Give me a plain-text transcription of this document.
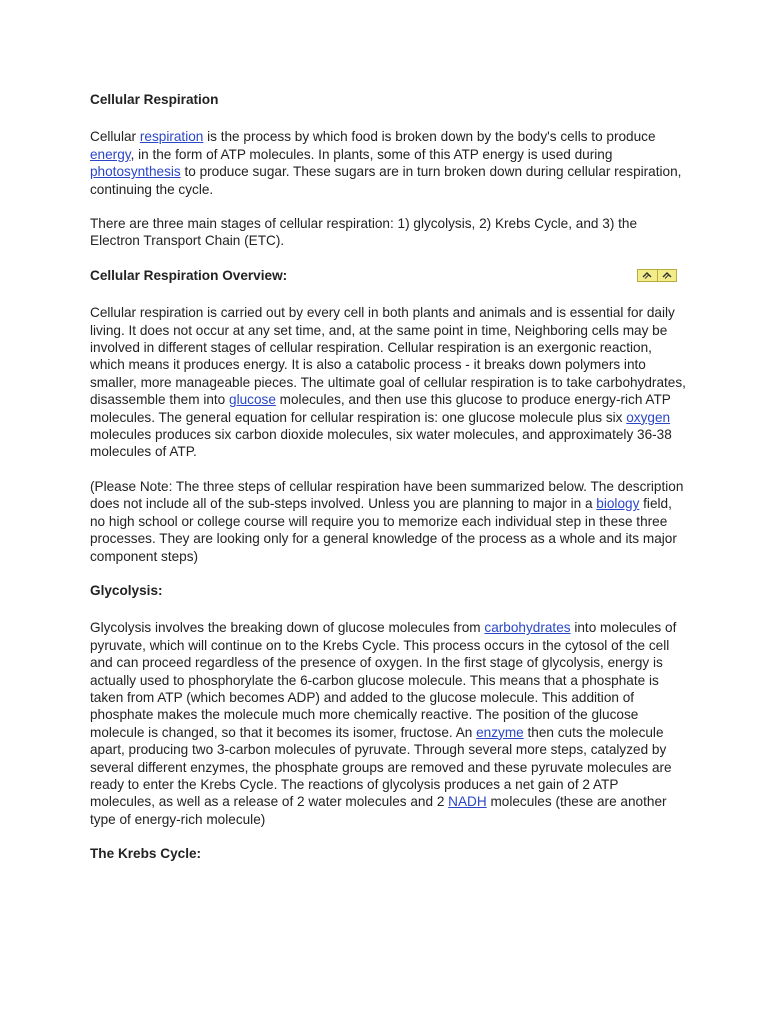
Cellular Respiration

Cellular respiration is the process by which food is broken down by the body's cells to produce energy, in the form of ATP molecules. In plants, some of this ATP energy is used during photosynthesis to produce sugar. These sugars are in turn broken down during cellular respiration, continuing the cycle.

There are three main stages of cellular respiration: 1) glycolysis, 2) Krebs Cycle, and 3) the Electron Transport Chain (ETC).

Cellular Respiration Overview:

Cellular respiration is carried out by every cell in both plants and animals and is essential for daily living. It does not occur at any set time, and, at the same point in time, Neighboring cells may be involved in different stages of cellular respiration. Cellular respiration is an exergonic reaction, which means it produces energy. It is also a catabolic process - it breaks down polymers into smaller, more manageable pieces. The ultimate goal of cellular respiration is to take carbohydrates, disassemble them into glucose molecules, and then use this glucose to produce energy-rich ATP molecules. The general equation for cellular respiration is: one glucose molecule plus six oxygen molecules produces six carbon dioxide molecules, six water molecules, and approximately 36-38 molecules of ATP.

(Please Note: The three steps of cellular respiration have been summarized below. The description does not include all of the sub-steps involved. Unless you are planning to major in a biology field, no high school or college course will require you to memorize each individual step in these three processes. They are looking only for a general knowledge of the process as a whole and its major component steps)

Glycolysis:

Glycolysis involves the breaking down of glucose molecules from carbohydrates into molecules of pyruvate, which will continue on to the Krebs Cycle. This process occurs in the cytosol of the cell and can proceed regardless of the presence of oxygen. In the first stage of glycolysis, energy is actually used to phosphorylate the 6-carbon glucose molecule. This means that a phosphate is taken from ATP (which becomes ADP) and added to the glucose molecule. This addition of phosphate makes the molecule much more chemically reactive. The position of the glucose molecule is changed, so that it becomes its isomer, fructose. An enzyme then cuts the molecule apart, producing two 3-carbon molecules of pyruvate. Through several more steps, catalyzed by several different enzymes, the phosphate groups are removed and these pyruvate molecules are ready to enter the Krebs Cycle. The reactions of glycolysis produces a net gain of 2 ATP molecules, as well as a release of 2 water molecules and 2 NADH molecules (these are another type of energy-rich molecule)

The Krebs Cycle:
